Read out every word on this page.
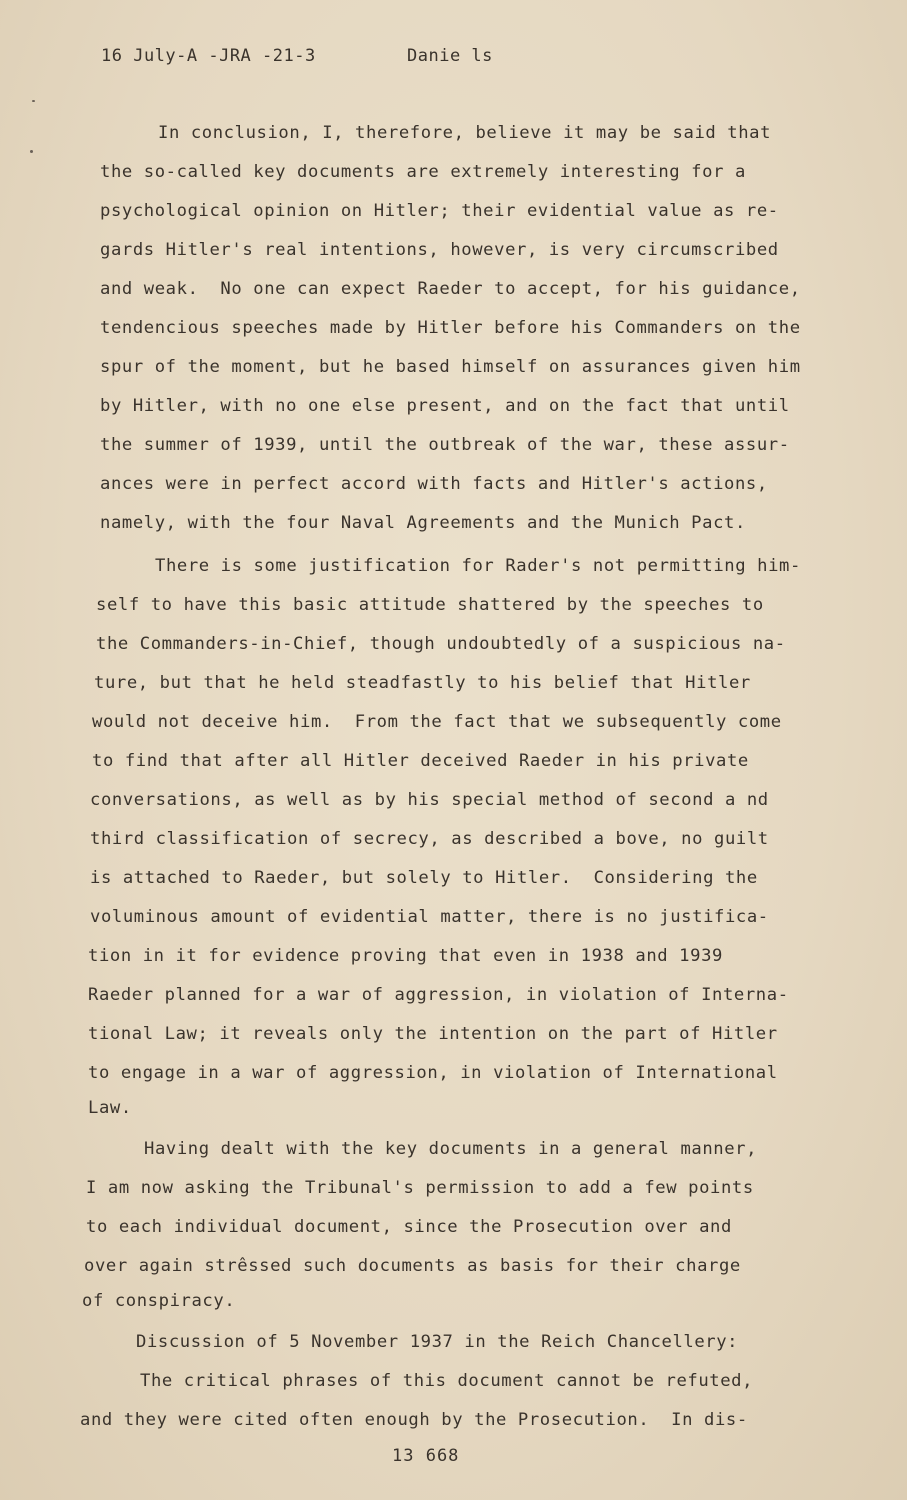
16 July-A -JRA -21-3	Danie ls
In conclusion, I, therefore, believe it may be said that
the so-called key documents are extremely interesting for a
psychological opinion on Hitler; their evidential value as re-
gards Hitler's real intentions, however, is very circumscribed
and weak.  No one can expect Raeder to accept, for his guidance,
tendencious speeches made by Hitler before his Commanders on the
spur of the moment, but he based himself on assurances given him
by Hitler, with no one else present, and on the fact that until
the summer of 1939, until the outbreak of the war, these assur-
ances were in perfect accord with facts and Hitler's actions,
namely, with the four Naval Agreements and the Munich Pact.
There is some justification for Rader's not permitting him-
self to have this basic attitude shattered by the speeches to
the Commanders-in-Chief, though undoubtedly of a suspicious na-
ture, but that he held steadfastly to his belief that Hitler
would not deceive him.  From the fact that we subsequently come
to find that after all Hitler deceived Raeder in his private
conversations, as well as by his special method of second a nd
third classification of secrecy, as described a bove, no guilt
is attached to Raeder, but solely to Hitler.  Considering the
voluminous amount of evidential matter, there is no justifica-
tion in it for evidence proving that even in 1938 and 1939
Raeder planned for a war of aggression, in violation of Interna-
tional Law; it reveals only the intention on the part of Hitler
to engage in a war of aggression, in violation of International
Law.
Having dealt with the key documents in a general manner,
I am now asking the Tribunal's permission to add a few points
to each individual document, since the Prosecution over and
over again strêssed such documents as basis for their charge
of conspiracy.
Discussion of 5 November 1937 in the Reich Chancellery:
The critical phrases of this document cannot be refuted,
and they were cited often enough by the Prosecution.  In dis-
13 668
